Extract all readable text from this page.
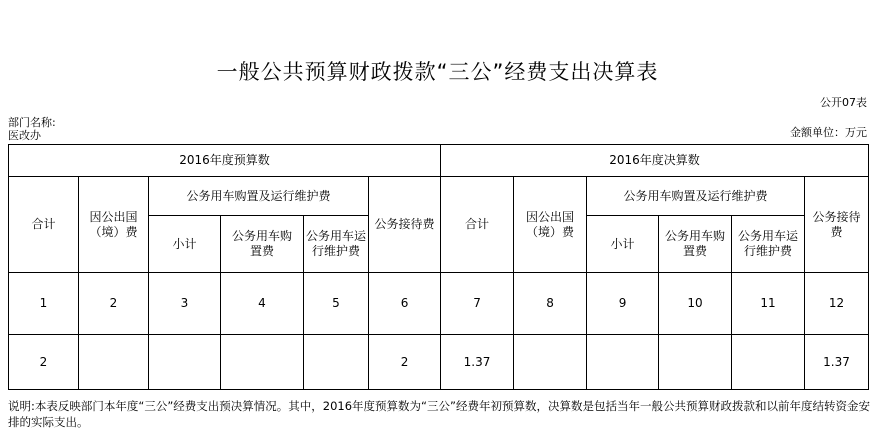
一般公共预算财政拨款“三公”经费支出决算表
公开07表
部门名称:
医改办	金额单位：万元
2016年度预算数						2016年度决算数					
合计	因公出国（境）费	公务用车购置及运行维护费			公务接待费	合计	因公出国（境）费	公务用车购置及运行维护费			公务接待费
		小计	公务用车购置费	公务用车运行维护费				小计	公务用车购置费	公务用车运行维护费	
1	2	3	4	5	6	7	8	9	10	11	12
2					2	1.37					1.37
说明:本表反映部门本年度“三公”经费支出预决算情况。其中，2016年度预算数为“三公”经费年初预算数，决算数是包括当年一般公共预算财政拨款和以前年度结转资金安排的实际支出。
